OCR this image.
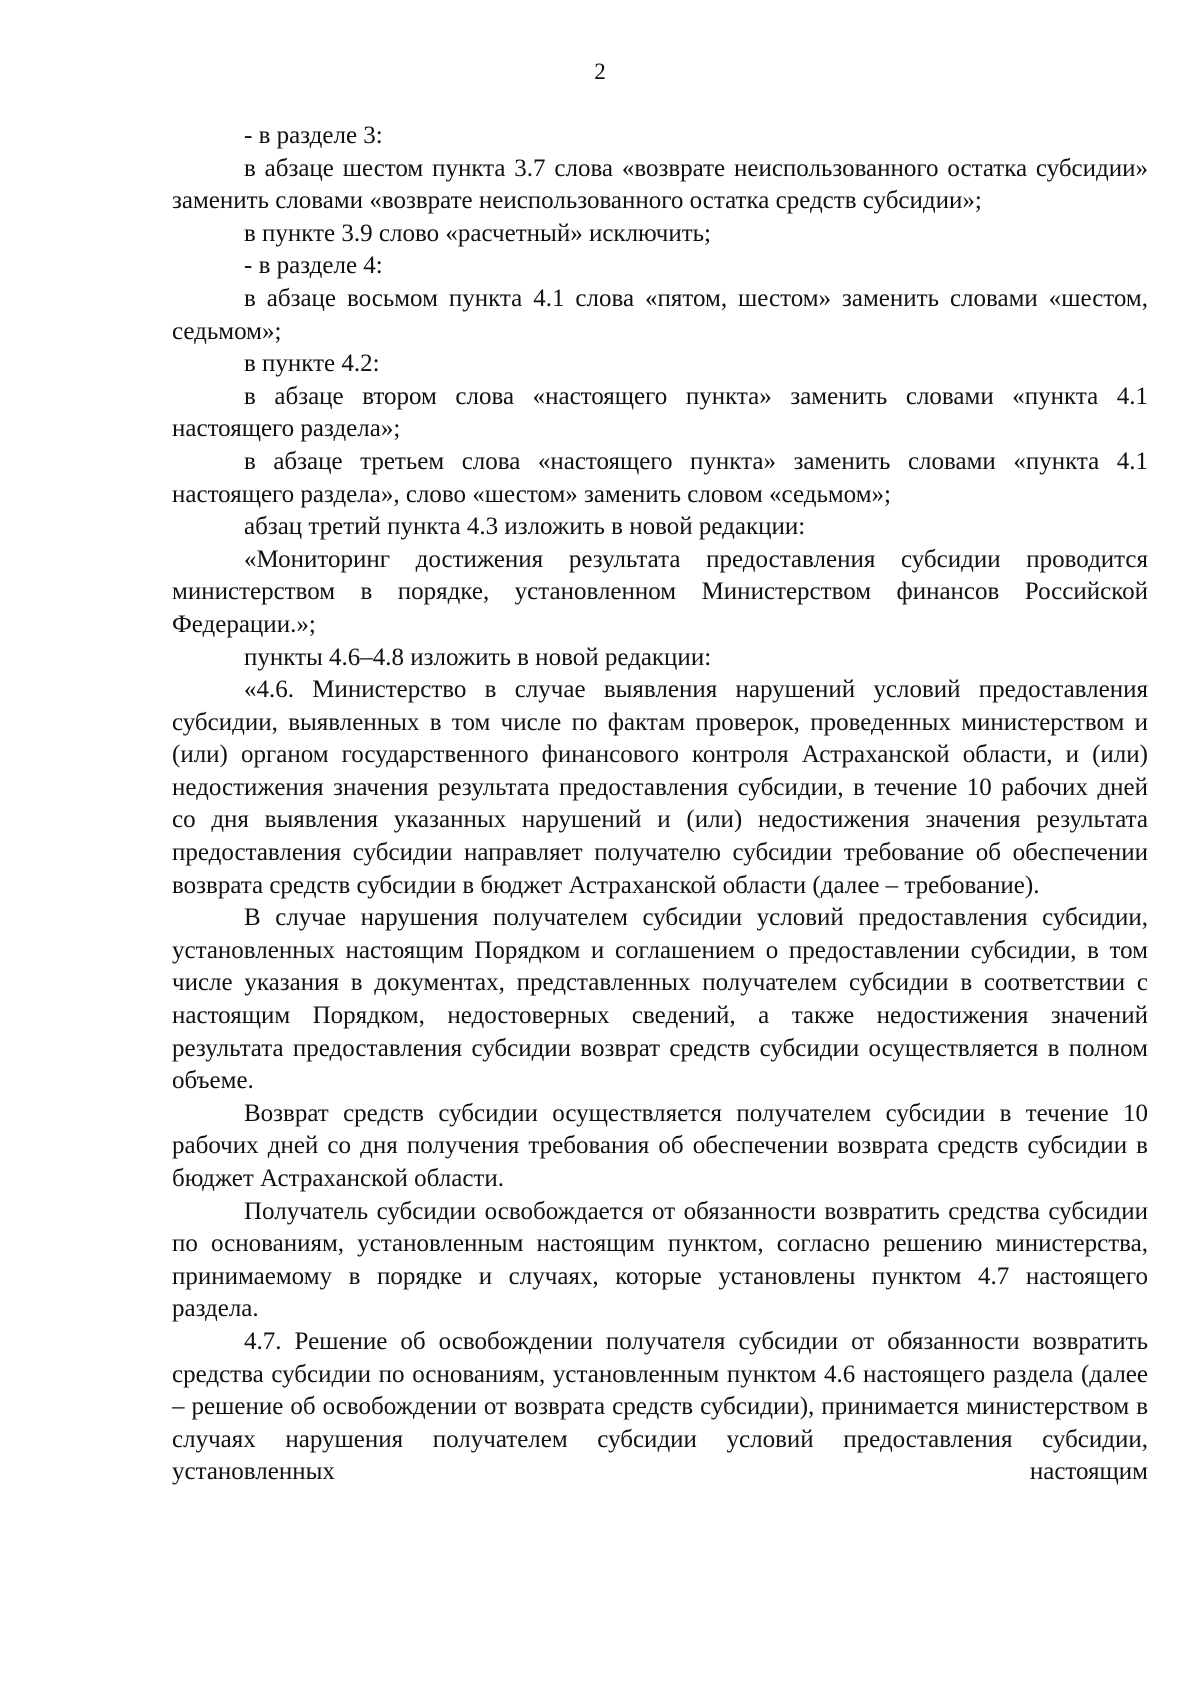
2

- в разделе 3:

в абзаце шестом пункта 3.7 слова «возврате неиспользованного остатка субсидии» заменить словами «возврате неиспользованного остатка средств субсидии»;

в пункте 3.9 слово «расчетный» исключить;

- в разделе 4:

в абзаце восьмом пункта 4.1 слова «пятом, шестом» заменить словами «шестом, седьмом»;

в пункте 4.2:

в абзаце втором слова «настоящего пункта» заменить словами «пункта 4.1 настоящего раздела»;

в абзаце третьем слова «настоящего пункта» заменить словами «пункта 4.1 настоящего раздела», слово «шестом» заменить словом «седьмом»;

абзац третий пункта 4.3 изложить в новой редакции:

«Мониторинг достижения результата предоставления субсидии проводится министерством в порядке, установленном Министерством финансов Российской Федерации.»;

пункты 4.6–4.8 изложить в новой редакции:

«4.6. Министерство в случае выявления нарушений условий предоставления субсидии, выявленных в том числе по фактам проверок, проведенных министерством и (или) органом государственного финансового контроля Астраханской области, и (или) недостижения значения результата предоставления субсидии, в течение 10 рабочих дней со дня выявления указанных нарушений и (или) недостижения значения результата предоставления субсидии направляет получателю субсидии требование об обеспечении возврата средств субсидии в бюджет Астраханской области (далее – требование).

В случае нарушения получателем субсидии условий предоставления субсидии, установленных настоящим Порядком и соглашением о предоставлении субсидии, в том числе указания в документах, представленных получателем субсидии в соответствии с настоящим Порядком, недостоверных сведений, а также недостижения значений результата предоставления субсидии возврат средств субсидии осуществляется в полном объеме.

Возврат средств субсидии осуществляется получателем субсидии в течение 10 рабочих дней со дня получения требования об обеспечении возврата средств субсидии в бюджет Астраханской области.

Получатель субсидии освобождается от обязанности возвратить средства субсидии по основаниям, установленным настоящим пунктом, согласно решению министерства, принимаемому в порядке и случаях, которые установлены пунктом 4.7 настоящего раздела.

4.7. Решение об освобождении получателя субсидии от обязанности возвратить средства субсидии по основаниям, установленным пунктом 4.6 настоящего раздела (далее – решение об освобождении от возврата средств субсидии), принимается министерством в случаях нарушения получателем субсидии условий предоставления субсидии, установленных настоящим
